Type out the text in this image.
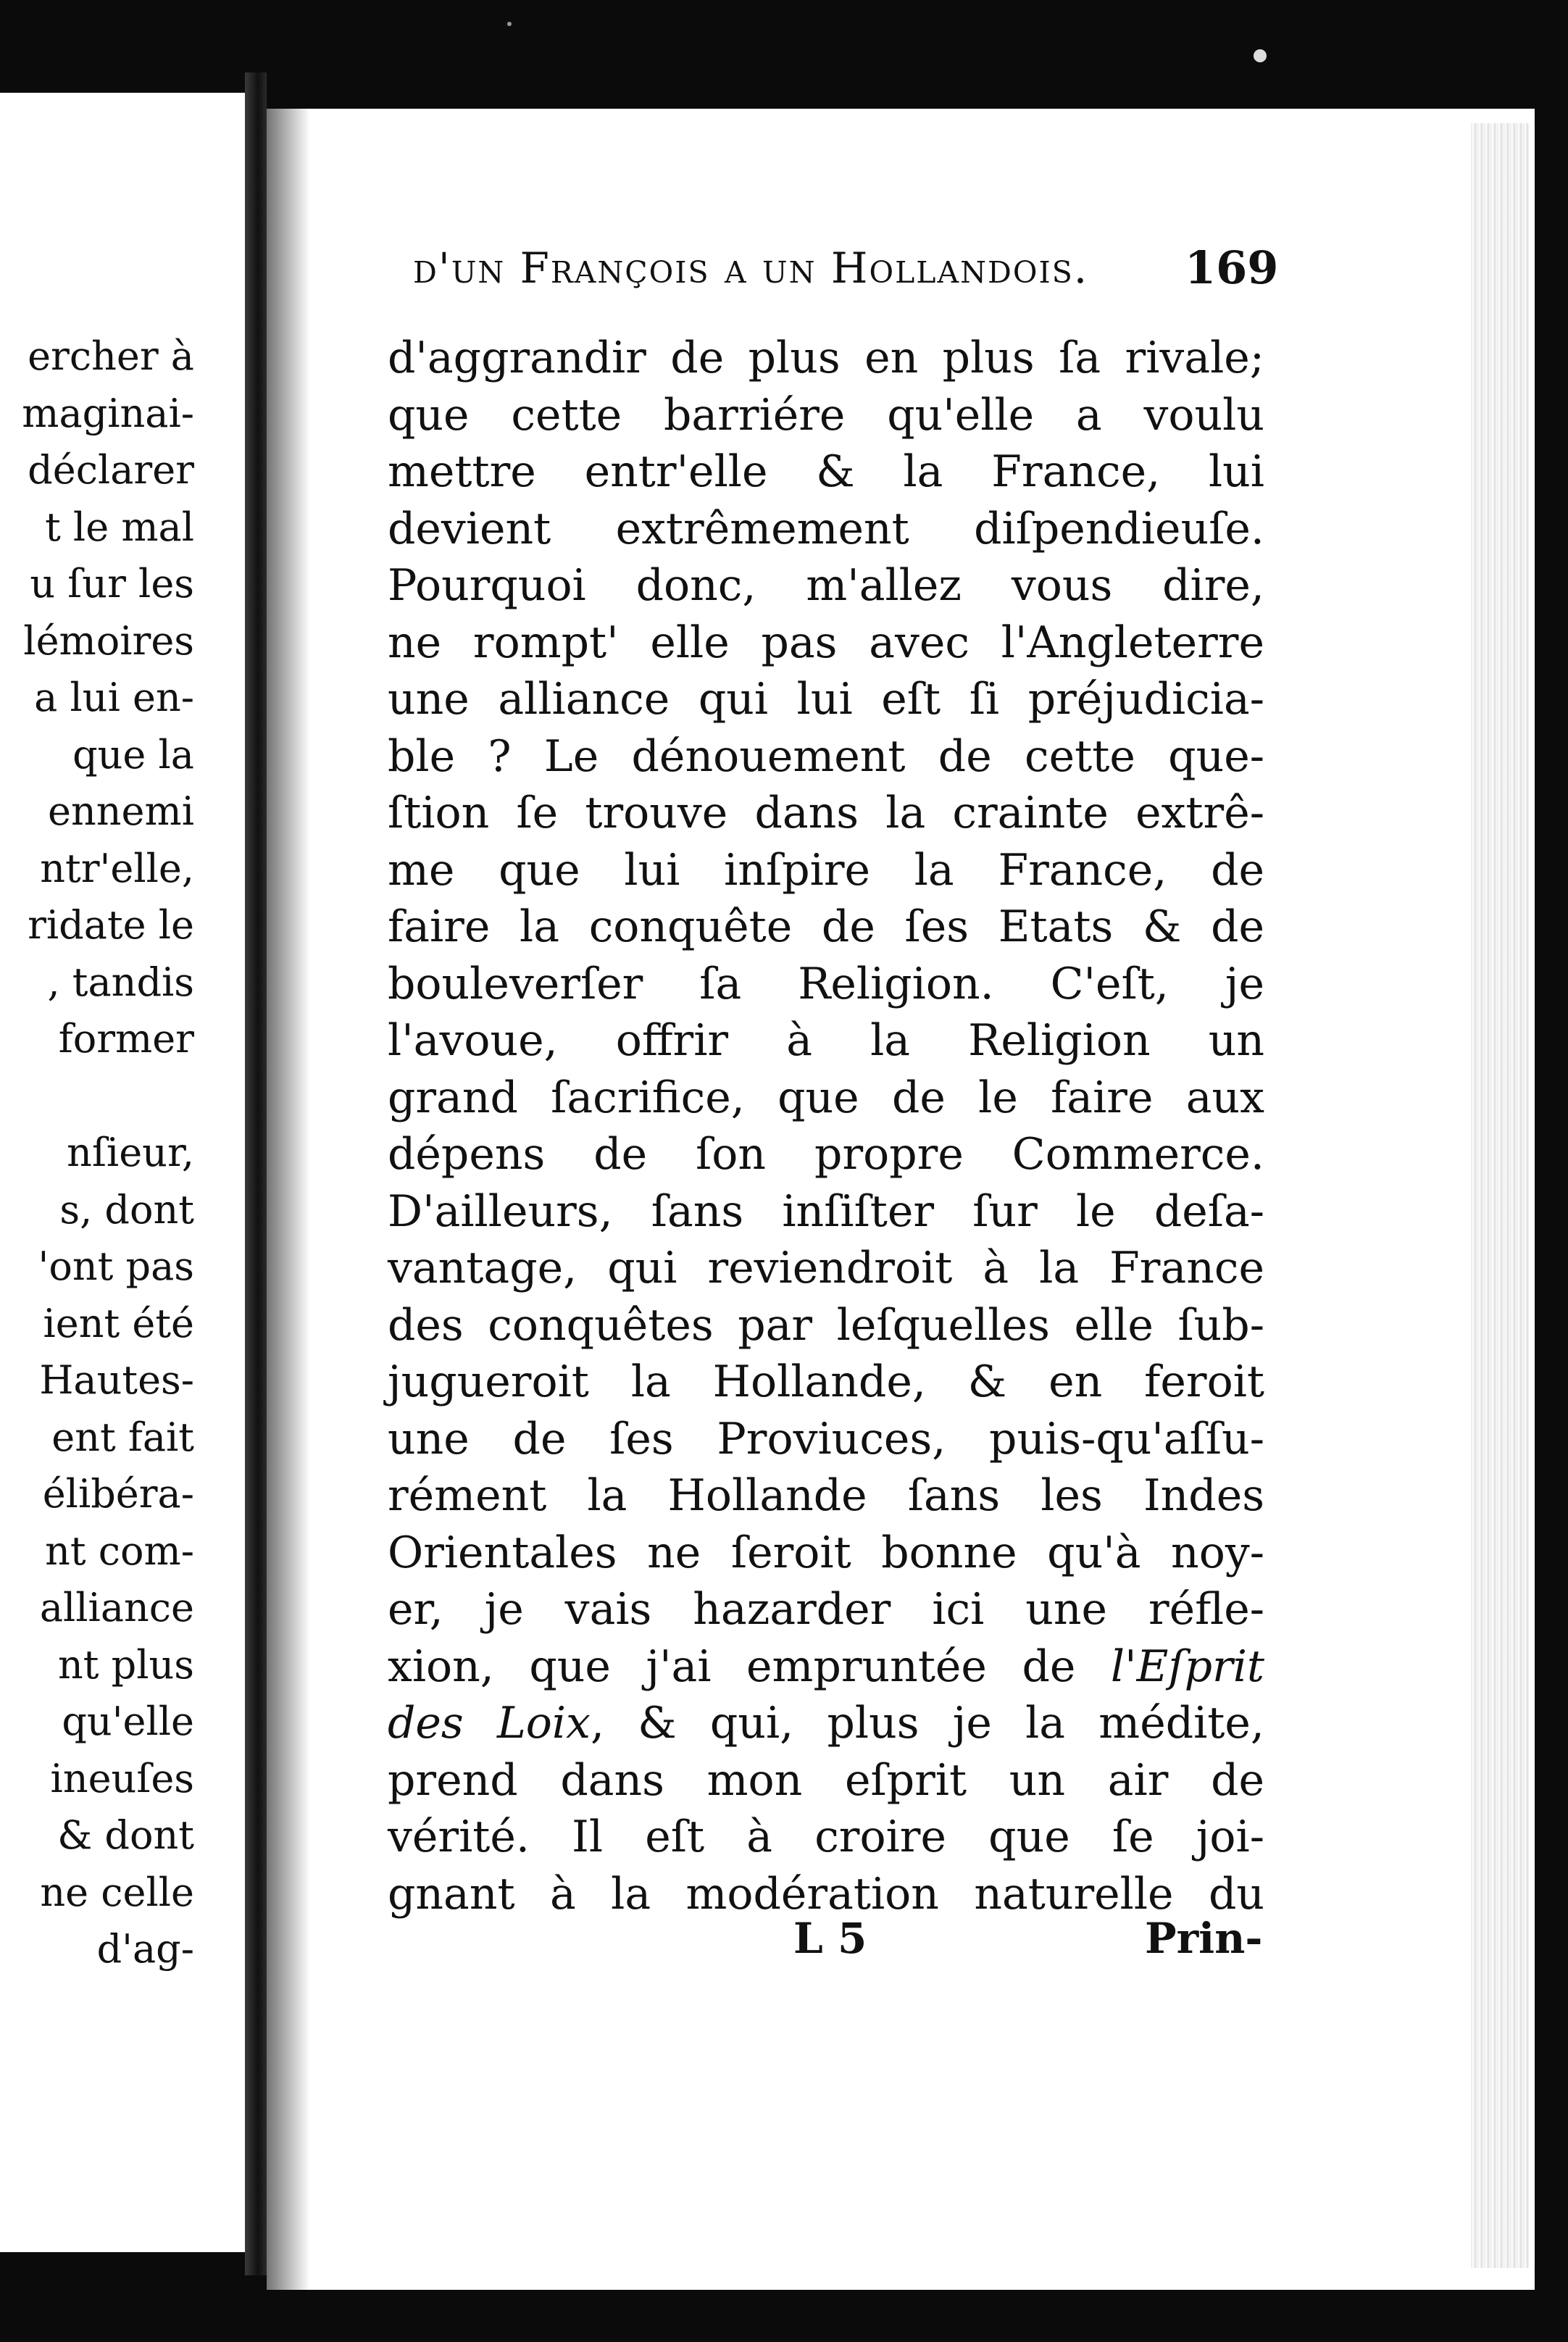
ercher à
maginai-
déclarer
t le mal
u ſur les
lémoires
a lui en-
que la
ennemi
ntr'elle,
ridate le
, tandis
former
nſieur,
s, dont
'ont pas
ient été
Hautes-
ent fait
élibéra-
nt com-
alliance
nt plus
qu'elle
ineuſes
& dont
ne celle
d'ag-
d'un François a un Hollandois.	169
d'aggrandir de plus en plus ſa rivale;
que cette barriére qu'elle a voulu
mettre entr'elle & la France, lui
devient extrêmement diſpendieuſe.
Pourquoi donc, m'allez vous dire,
ne rompt' elle pas avec l'Angleterre
une alliance qui lui eſt ſi préjudicia-
ble ? Le dénouement de cette que-
ſtion ſe trouve dans la crainte extrê-
me que lui inſpire la France, de
faire la conquête de ſes Etats & de
bouleverſer ſa Religion. C'eſt, je
l'avoue, offrir à la Religion un
grand ſacrifice, que de le faire aux
dépens de ſon propre Commerce.
D'ailleurs, ſans inſiſter ſur le deſa-
vantage, qui reviendroit à la France
des conquêtes par leſquelles elle ſub-
jugueroit la Hollande, & en feroit
une de ſes Proviuces, puis-qu'aſſu-
rément la Hollande ſans les Indes
Orientales ne ſeroit bonne qu'à noy-
er, je vais hazarder ici une réfle-
xion, que j'ai empruntée de l'Eſprit
des Loix, & qui, plus je la médite,
prend dans mon eſprit un air de
vérité. Il eſt à croire que ſe joi-
gnant à la modération naturelle du
L 5	Prin-
